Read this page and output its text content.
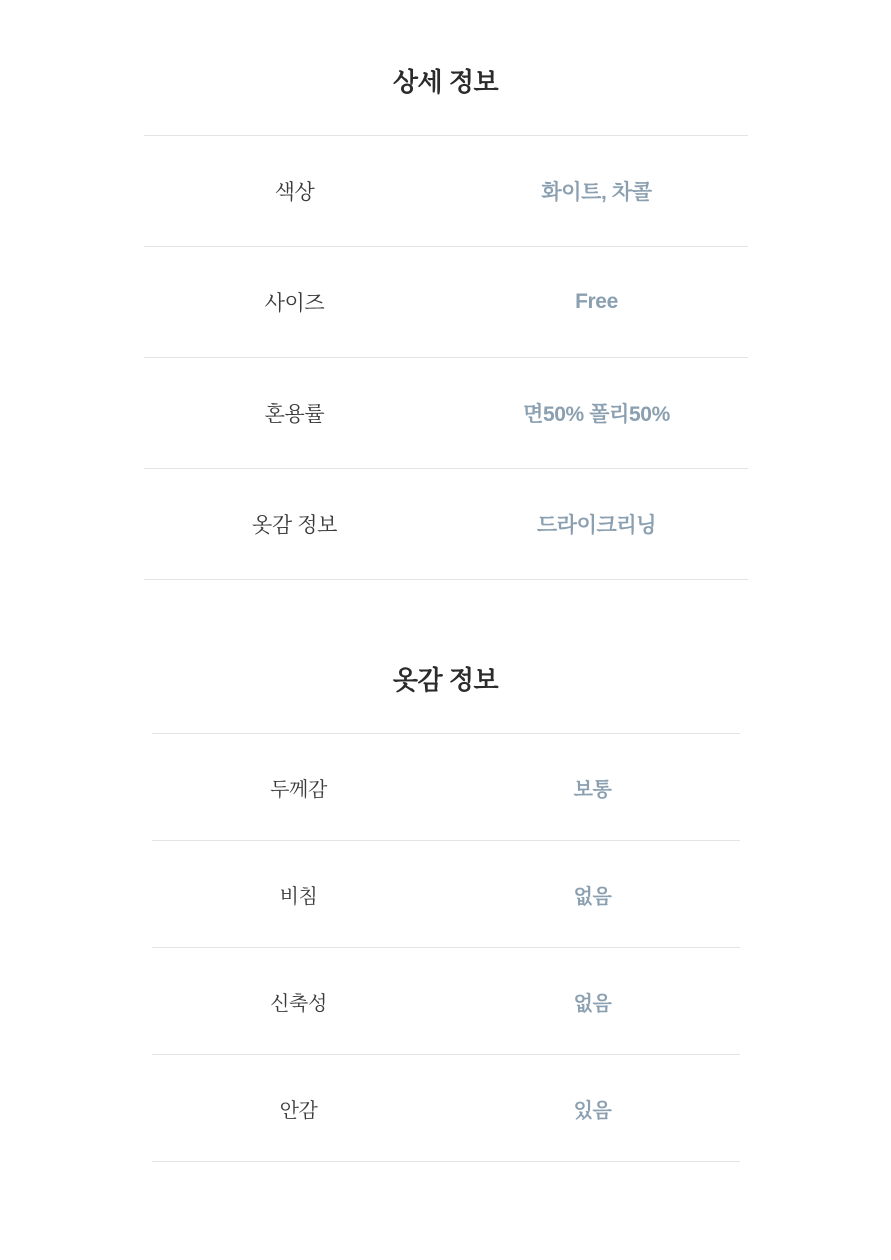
상세 정보
색상	화이트, 차콜
사이즈	Free
혼용률	면50% 폴리50%
옷감 정보	드라이크리닝
옷감 정보
두께감	보통
비침	없음
신축성	없음
안감	있음
